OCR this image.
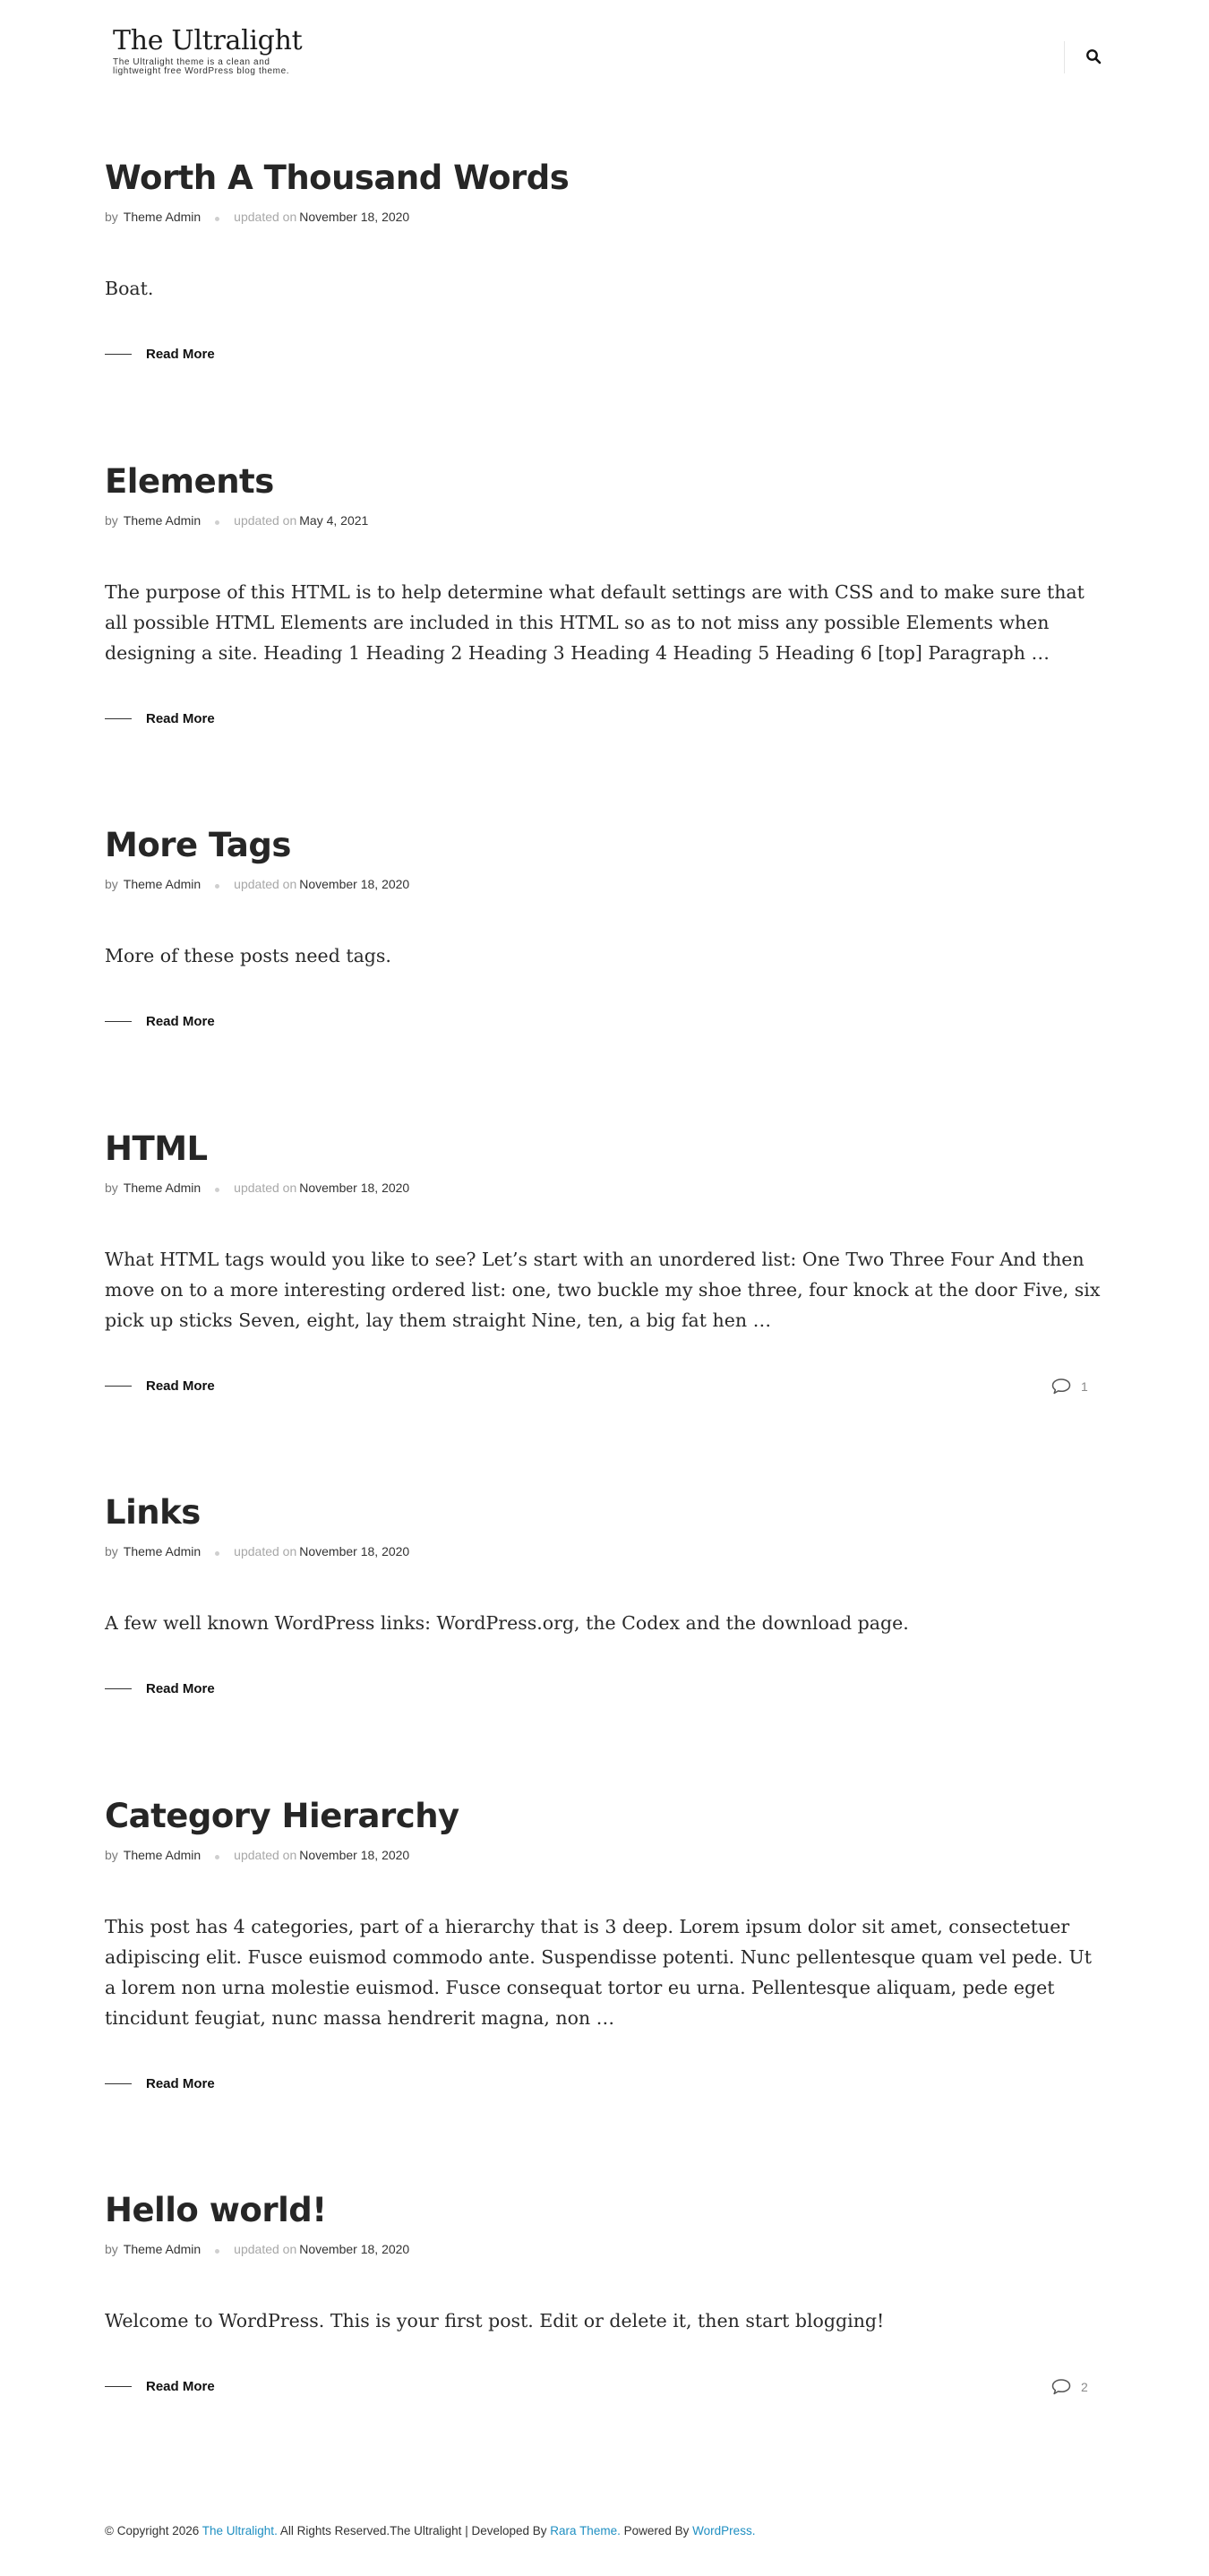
The Ultralight
The Ultralight theme is a clean and lightweight free WordPress blog theme.
Worth A Thousand Words
by Theme Admin	updated on November 18, 2020

Boat.

Read More
Elements
by Theme Admin	updated on May 4, 2021

The purpose of this HTML is to help determine what default settings are with CSS and to make sure that all possible HTML Elements are included in this HTML so as to not miss any possible Elements when designing a site. Heading 1 Heading 2 Heading 3 Heading 4 Heading 5 Heading 6 [top] Paragraph …

Read More
More Tags
by Theme Admin	updated on November 18, 2020

More of these posts need tags.

Read More
HTML
by Theme Admin	updated on November 18, 2020

What HTML tags would you like to see? Let’s start with an unordered list: One Two Three Four And then move on to a more interesting ordered list: one, two buckle my shoe three, four knock at the door Five, six pick up sticks Seven, eight, lay them straight Nine, ten, a big fat hen …

Read More	1
Links
by Theme Admin	updated on November 18, 2020

A few well known WordPress links: WordPress.org, the Codex and the download page.

Read More
Category Hierarchy
by Theme Admin	updated on November 18, 2020

This post has 4 categories, part of a hierarchy that is 3 deep. Lorem ipsum dolor sit amet, consectetuer adipiscing elit. Fusce euismod commodo ante. Suspendisse potenti. Nunc pellentesque quam vel pede. Ut a lorem non urna molestie euismod. Fusce consequat tortor eu urna. Pellentesque aliquam, pede eget tincidunt feugiat, nunc massa hendrerit magna, non …

Read More
Hello world!
by Theme Admin	updated on November 18, 2020

Welcome to WordPress. This is your first post. Edit or delete it, then start blogging!

Read More	2
© Copyright 2026 The Ultralight. All Rights Reserved.The Ultralight | Developed By Rara Theme. Powered By WordPress.
